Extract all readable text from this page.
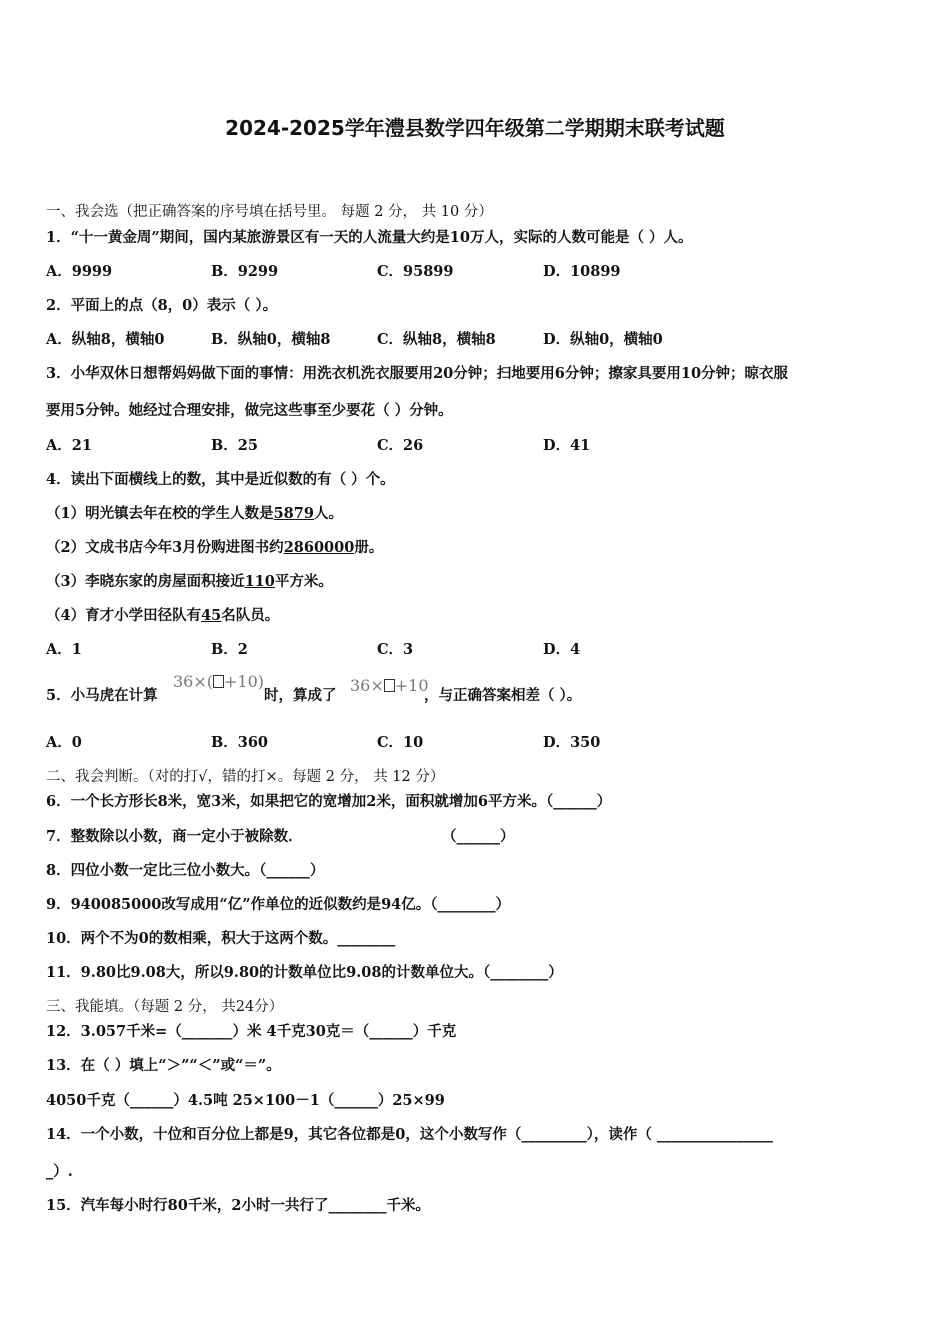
2024-2025学年澧县数学四年级第二学期期末联考试题
一、我会选（把正确答案的序号填在括号里。 每题 2 分， 共 10 分）
1．“十一黄金周”期间，国内某旅游景区有一天的人流量大约是10万人，实际的人数可能是（ ）人。
A．9999	B．9299	C．95899	D．10899
2．平面上的点（8，0）表示（ ）。
A．纵轴8，横轴0	B．纵轴0，横轴8	C．纵轴8，横轴8	D．纵轴0，横轴0
3．小华双休日想帮妈妈做下面的事情：用洗衣机洗衣服要用20分钟；扫地要用6分钟；擦家具要用10分钟；晾衣服
要用5分钟。她经过合理安排，做完这些事至少要花（ ）分钟。
A．21	B．25	C．26	D．41
4．读出下面横线上的数，其中是近似数的有（ ）个。
（1）明光镇去年在校的学生人数是5879人。
（2）文成书店今年3月份购进图书约2860000册。
（3）李晓东家的房屋面积接近110平方米。
（4）育才小学田径队有45名队员。
A．1	B．2	C．3	D．4
5．小马虎在计算
36×( +10)
时，算成了
36× +10
，与正确答案相差（ ）。
A．0	B．360	C．10	D．350
二、我会判断。（对的打√，错的打×。每题 2 分， 共 12 分）
6．一个长方形长8米，宽3米，如果把它的宽增加2米，面积就增加6平方米。（______）
7．整数除以小数，商一定小于被除数．	（______）
8．四位小数一定比三位小数大。（______）
9．940085000改写成用“亿”作单位的近似数约是94亿。（________）
10．两个不为0的数相乘，积大于这两个数。________
11．9.80比9.08大，所以9.80的计数单位比9.08的计数单位大。（________）
三、我能填。（每题 2 分， 共24分）
12．3.057千米=（_______）米 4千克30克＝（______）千克
13．在（ ）填上“＞”“＜”或“＝”。
4050千克（______）4.5吨 25×100－1（______）25×99
14．一个小数，十位和百分位上都是9，其它各位都是0，这个小数写作（_________），读作（ ________________
_）.
15．汽车每小时行80千米，2小时一共行了________千米。
